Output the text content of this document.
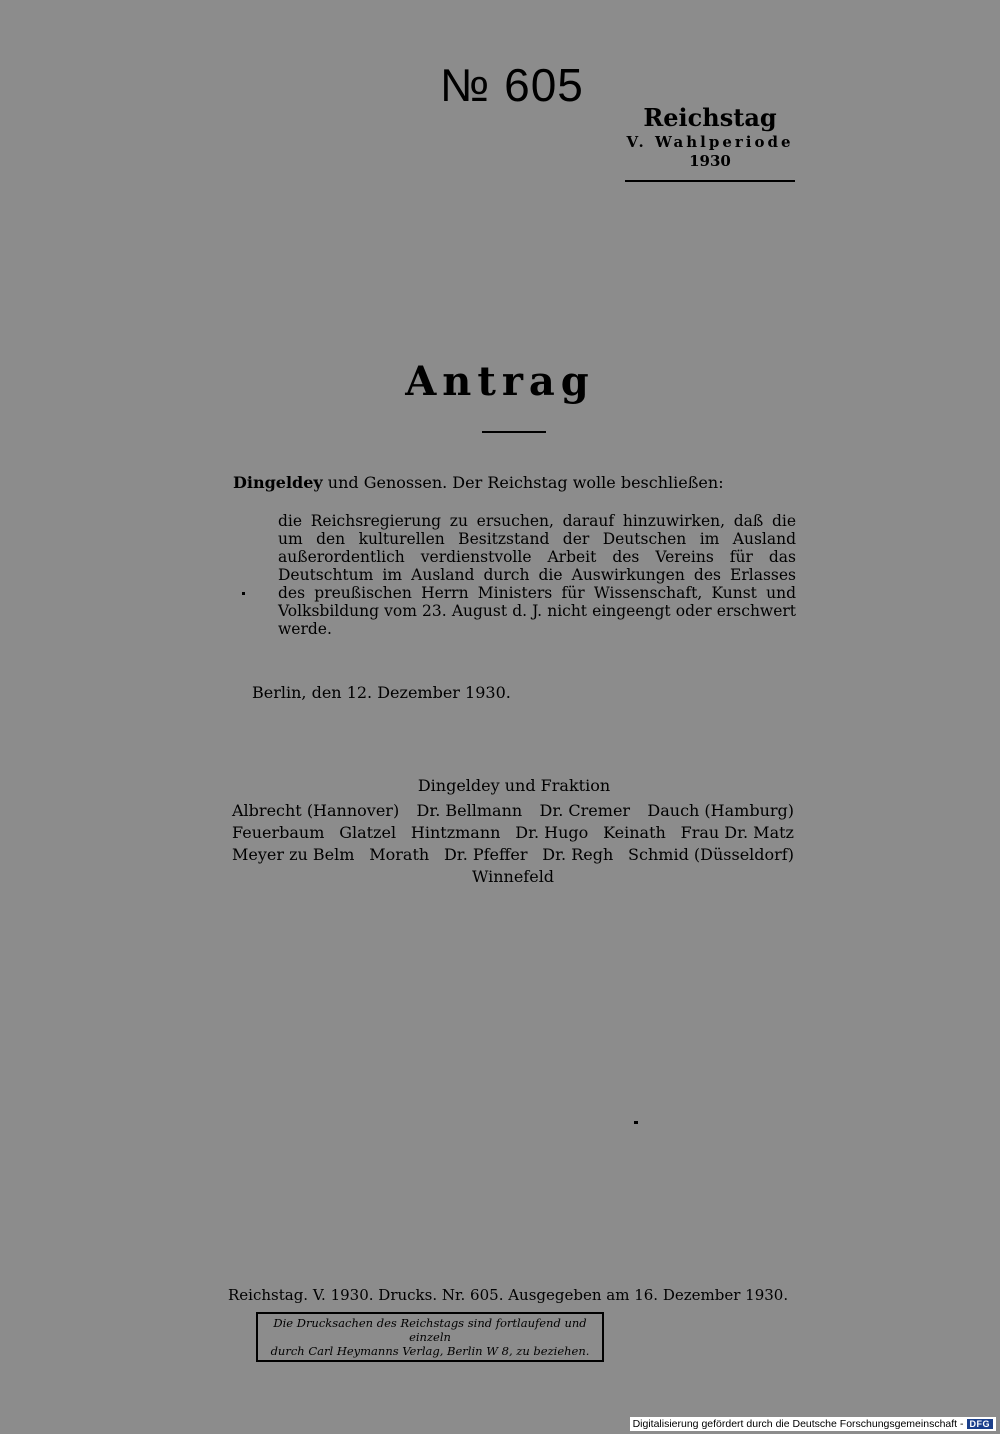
№ 605
Reichstag
V. Wahlperiode
1930
Antrag
Dingeldey und Genossen. Der Reichstag wolle beschließen:
die Reichsregierung zu ersuchen, darauf hinzuwirken, daß die um den kulturellen Besitzstand der Deutschen im Ausland außerordentlich verdienstvolle Arbeit des Vereins für das Deutschtum im Ausland durch die Auswirkungen des Erlasses des preußischen Herrn Ministers für Wissenschaft, Kunst und Volksbildung vom 23. August d. J. nicht eingeengt oder erschwert werde.
Berlin, den 12. Dezember 1930.
Dingeldey und Fraktion
Albrecht (Hannover) Dr. Bellmann Dr. Cremer Dauch (Hamburg)
Feuerbaum Glatzel Hintzmann Dr. Hugo Keinath Frau Dr. Matz
Meyer zu Belm Morath Dr. Pfeffer Dr. Regh Schmid (Düsseldorf)
Winnefeld
Reichstag. V. 1930. Drucks. Nr. 605. Ausgegeben am 16. Dezember 1930.
Die Drucksachen des Reichstags sind fortlaufend und einzeln
durch Carl Heymanns Verlag, Berlin W 8, zu beziehen.
Digitalisierung gefördert durch die Deutsche Forschungsgemeinschaft - DFG
